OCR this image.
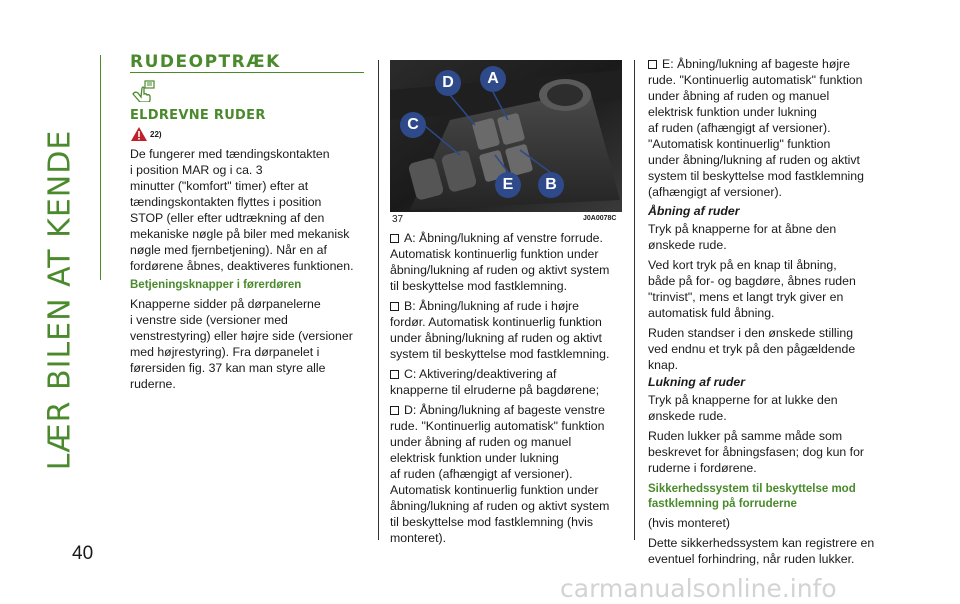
LÆR BILEN AT KENDE
40
RUDEOPTRÆK
ELDREVNE RUDER
22)

De fungerer med tændingskontakten
i position MAR og i ca. 3
minutter ("komfort" timer) efter at
tændingskontakten flyttes i position
STOP (eller efter udtrækning af den
mekaniske nøgle på biler med mekanisk
nøgle med fjernbetjening). Når en af
fordørene åbnes, deaktiveres funktionen.

Betjeningsknapper i førerdøren

Knapperne sidder på dørpanelerne
i venstre side (versioner med
venstrestyring) eller højre side (versioner
med højrestyring). Fra dørpanelet i
førersiden fig. 37 kan man styre alle
ruderne.

D	A
C
E	B
37	J0A0078C

A: Åbning/lukning af venstre forrude.
Automatisk kontinuerlig funktion under
åbning/lukning af ruden og aktivt system
til beskyttelse mod fastklemning.

B: Åbning/lukning af rude i højre
fordør. Automatisk kontinuerlig funktion
under åbning/lukning af ruden og aktivt
system til beskyttelse mod fastklemning.

C: Aktivering/deaktivering af
knapperne til elruderne på bagdørene;

D: Åbning/lukning af bageste venstre
rude. "Kontinuerlig automatisk" funktion
under åbning af ruden og manuel
elektrisk funktion under lukning
af ruden (afhængigt af versioner).
Automatisk kontinuerlig funktion under
åbning/lukning af ruden og aktivt system
til beskyttelse mod fastklemning (hvis
monteret).

E: Åbning/lukning af bageste højre
rude. "Kontinuerlig automatisk" funktion
under åbning af ruden og manuel
elektrisk funktion under lukning
af ruden (afhængigt af versioner).
"Automatisk kontinuerlig" funktion
under åbning/lukning af ruden og aktivt
system til beskyttelse mod fastklemning
(afhængigt af versioner).

Åbning af ruder

Tryk på knapperne for at åbne den
ønskede rude.

Ved kort tryk på en knap til åbning,
både på for- og bagdøre, åbnes ruden
"trinvist", mens et langt tryk giver en
automatisk fuld åbning.

Ruden standser i den ønskede stilling
ved endnu et tryk på den pågældende
knap.

Lukning af ruder

Tryk på knapperne for at lukke den
ønskede rude.

Ruden lukker på samme måde som
beskrevet for åbningsfasen; dog kun for
ruderne i fordørene.

Sikkerhedssystem til beskyttelse mod
fastklemning på forruderne

(hvis monteret)

Dette sikkerhedssystem kan registrere en
eventuel forhindring, når ruden lukker.

carmanualsonline.info
